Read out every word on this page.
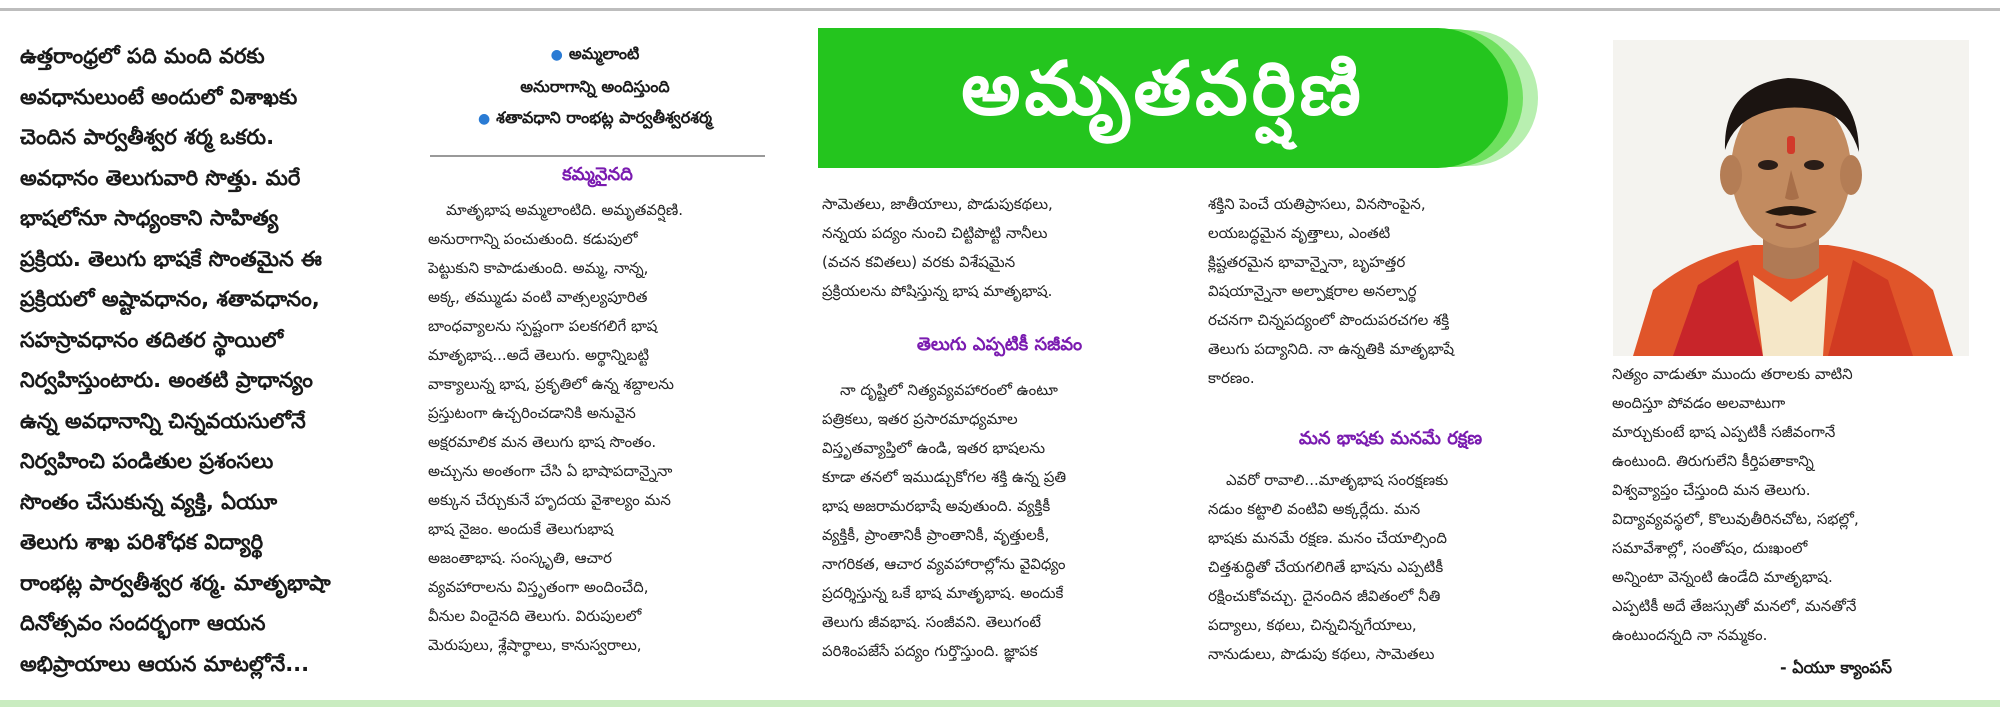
ఉత్తరాంధ్రలో పది మంది వరకు

అవధానులుంటే అందులో విశాఖకు

చెందిన పార్వతీశ్వర శర్మ ఒకరు.

అవధానం తెలుగువారి సొత్తు. మరే

భాషలోనూ సాధ్యంకాని సాహిత్య

ప్రక్రియ. తెలుగు భాషకే సొంతమైన ఈ

ప్రక్రియలో అష్టావధానం, శతావధానం,

సహస్రావధానం తదితర స్థాయిలో

నిర్వహిస్తుంటారు. అంతటి ప్రాధాన్యం

ఉన్న అవధానాన్ని చిన్నవయసులోనే

నిర్వహించి పండితుల ప్రశంసలు

సొంతం చేసుకున్న వ్యక్తి, ఏయూ

తెలుగు శాఖ పరిశోధక విద్యార్థి

రాంభట్ల పార్వతీశ్వర శర్మ. మాతృభాషా

దినోత్సవం సందర్భంగా ఆయన

అభిప్రాయాలు ఆయన మాటల్లోనే...

● అమ్మలాంటి

అనురాగాన్ని అందిస్తుంది

● శతావధాని రాంభట్ల పార్వతీశ్వరశర్మ

కమ్మనైనది

మాతృభాష అమ్మలాంటిది. అమృతవర్షిణి.

అనురాగాన్ని పంచుతుంది. కడుపులో

పెట్టుకుని కాపాడుతుంది. అమ్మ, నాన్న,

అక్క, తమ్ముడు వంటి వాత్సల్యపూరిత

బాంధవ్యాలను స్పష్టంగా పలకగలిగే భాష

మాతృభాష...అదే తెలుగు. అర్థాన్నిబట్టి

వాక్యాలున్న భాష, ప్రకృతిలో ఉన్న శబ్దాలను

ప్రస్తుటంగా ఉచ్చరించడానికి అనువైన

అక్షరమాలిక మన తెలుగు భాష సొంతం.

అచ్చును అంతంగా చేసి ఏ భాషాపదాన్నైనా

అక్కున చేర్చుకునే హృదయ వైశాల్యం మన

భాష నైజం. అందుకే తెలుగుభాష

అజంతాభాష. సంస్కృతి, ఆచార

వ్యవహారాలను విస్తృతంగా అందించేది,

వీనుల విందైనది తెలుగు. విరుపులలో

మెరుపులు, శ్లేషార్థాలు, కానుస్వరాలు,

అమృతవర్షిణి

సామెతలు, జాతీయాలు, పొడుపుకథలు,

నన్నయ పద్యం నుంచి చిట్టిపొట్టి నానీలు

(వచన కవితలు) వరకు విశేషమైన

ప్రక్రియలను పోషిస్తున్న భాష మాతృభాష.

తెలుగు ఎప్పటికీ సజీవం

నా దృష్టిలో నిత్యవ్యవహారంలో ఉంటూ

పత్రికలు, ఇతర ప్రసారమాధ్యమాల

విస్తృతవ్యాప్తిలో ఉండి, ఇతర భాషలను

కూడా తనలో ఇముడ్చుకోగల శక్తి ఉన్న ప్రతి

భాష అజరామరభాషే అవుతుంది. వ్యక్తికీ

వ్యక్తికీ, ప్రాంతానికీ ప్రాంతానికీ, వృత్తులకీ,

నాగరికత, ఆచార వ్యవహారాల్లోను వైవిధ్యం

ప్రదర్శిస్తున్న ఒకే భాష మాతృభాష. అందుకే

తెలుగు జీవభాష. సంజీవని. తెలుగంటే

పరిశింపజేసే పద్యం గుర్తొస్తుంది. జ్ఞాపక

శక్తిని పెంచే యతిప్రాసలు, వినసొంపైన,

లయబద్ధమైన వృత్తాలు, ఎంతటి

క్లిష్టతరమైన భావాన్నైనా, బృహత్తర

విషయాన్నైనా అల్పాక్షరాల అనల్పార్థ

రచనగా చిన్నపద్యంలో పొందుపరచగల శక్తి

తెలుగు పద్యానిది. నా ఉన్నతికి మాతృభాషే

కారణం.

మన భాషకు మనమే రక్షణ

ఎవరో రావాలి...మాతృభాష సంరక్షణకు

నడుం కట్టాలి వంటివి అక్కర్లేదు. మన

భాషకు మనమే రక్షణ. మనం చేయాల్సింది

చిత్తశుద్ధితో చేయగలిగితే భాషను ఎప్పటికీ

రక్షించుకోవచ్చు. దైనందిన జీవితంలో నీతి

పద్యాలు, కథలు, చిన్నచిన్నగేయాలు,

నానుడులు, పొడుపు కథలు, సామెతలు

నిత్యం వాడుతూ ముందు తరాలకు వాటిని

అందిస్తూ పోవడం అలవాటుగా

మార్చుకుంటే భాష ఎప్పటికీ సజీవంగానే

ఉంటుంది. తిరుగులేని కీర్తిపతాకాన్ని

విశ్వవ్యాప్తం చేస్తుంది మన తెలుగు.

విద్యావ్యవస్థలో, కొలువుతీరినచోట, సభల్లో,

సమావేశాల్లో, సంతోషం, దుఃఖంలో

అన్నింటా వెన్నంటి ఉండేది మాతృభాష.

ఎప్పటికీ అదే తేజస్సుతో మనలో, మనతోనే

ఉంటుందన్నది నా నమ్మకం.

- ఏయూ క్యాంపస్
